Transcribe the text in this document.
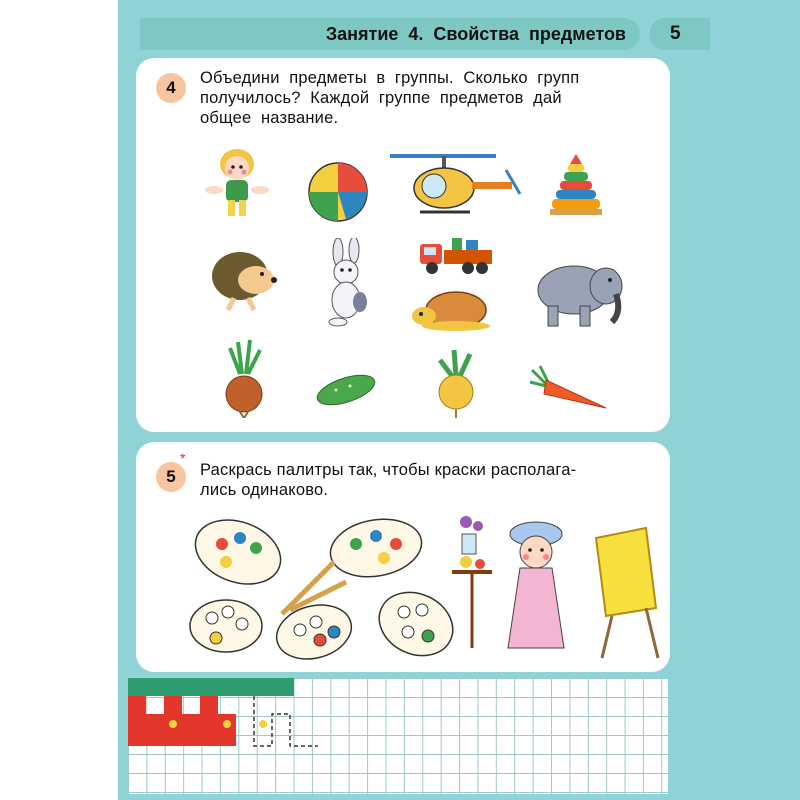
Занятие  4.  Свойства  предметов	5
4	Объедини  предметы  в  группы.  Сколько  групп
получилось?  Каждой  группе  предметов  дай
общее  название.
5
*
Раскрась палитры так, чтобы краски располага-
лись одинаково.
